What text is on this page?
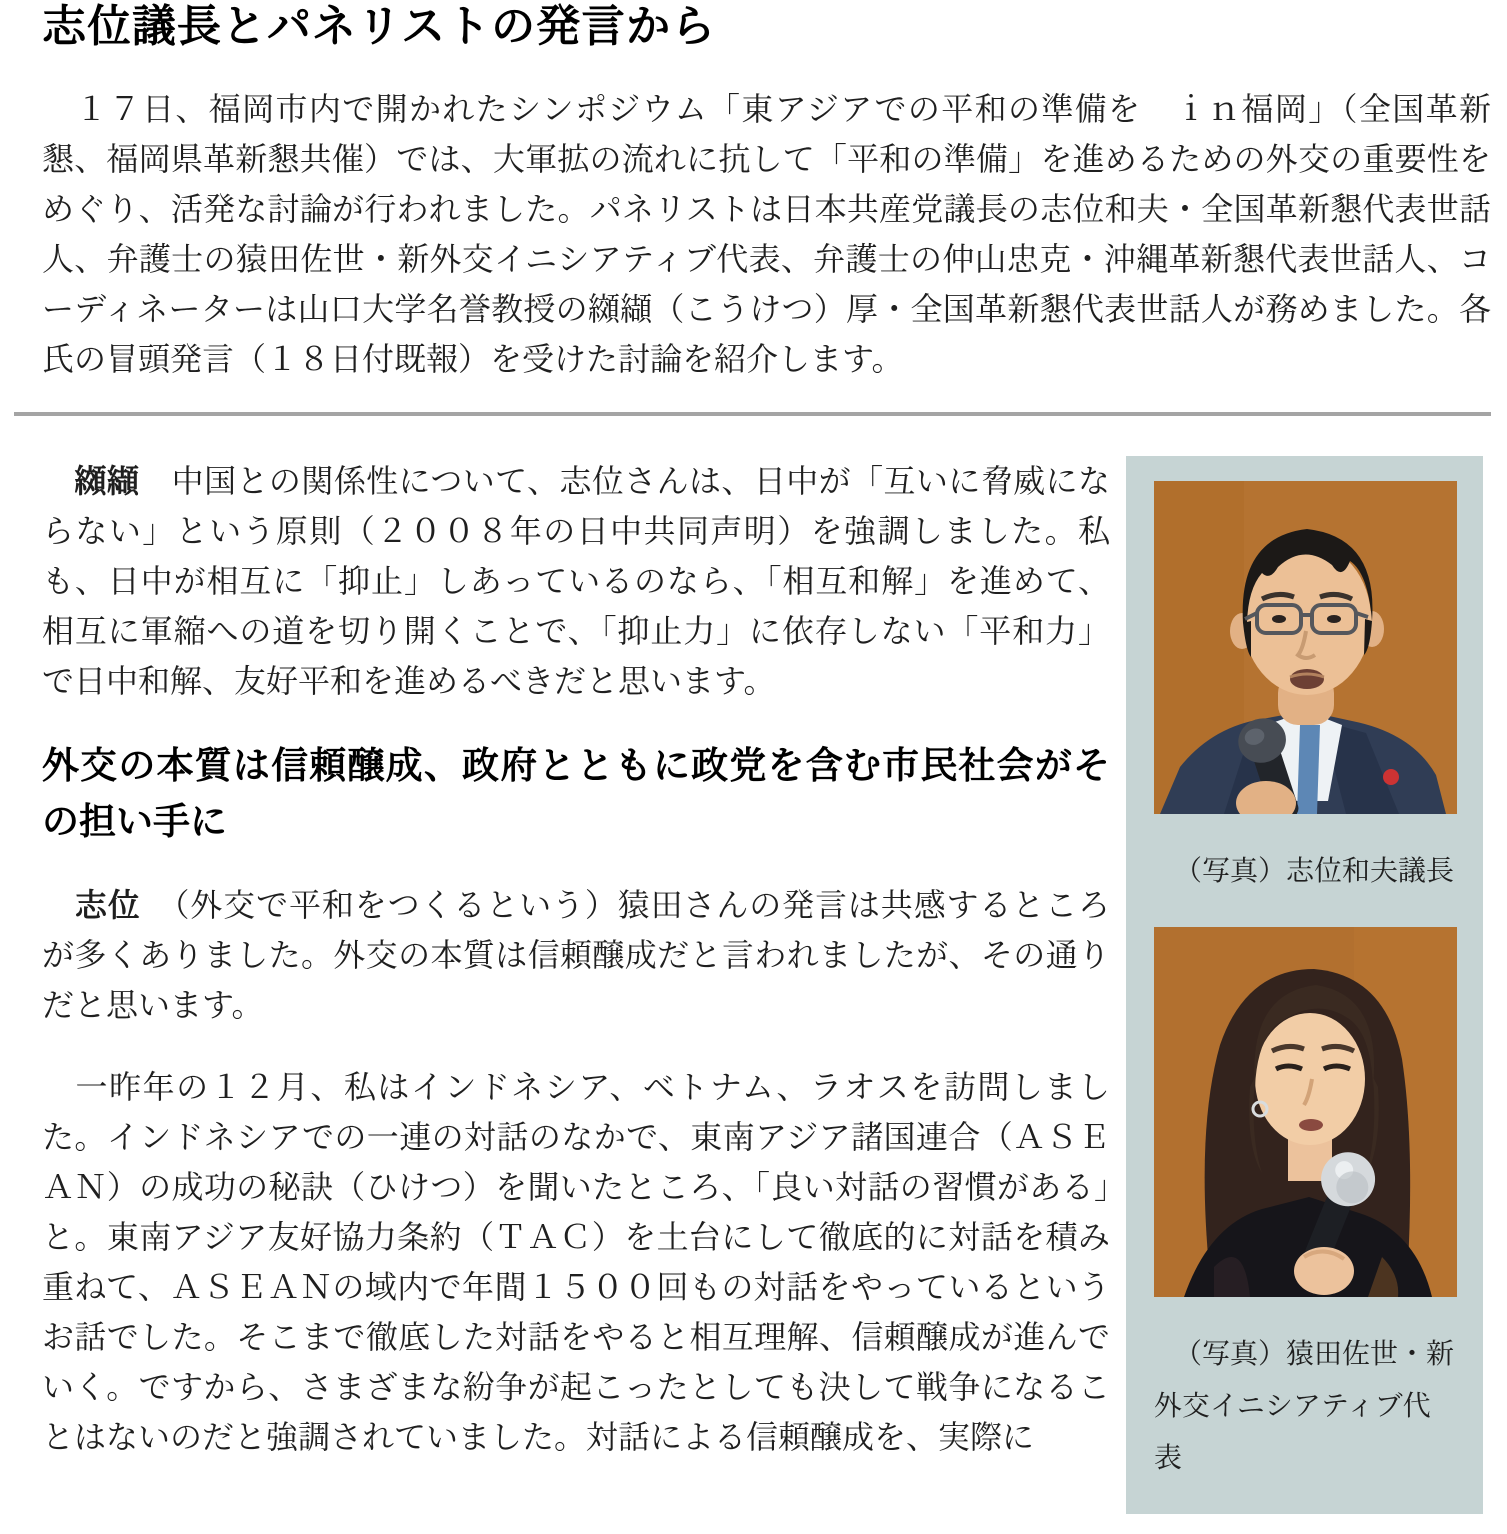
志位議長とパネリストの発言から

　１７日、福岡市内で開かれたシンポジウム「東アジアでの平和の準備を　ｉｎ福岡」（全国革新懇、福岡県革新懇共催）では、大軍拡の流れに抗して「平和の準備」を進めるための外交の重要性をめぐり、活発な討論が行われました。パネリストは日本共産党議長の志位和夫・全国革新懇代表世話人、弁護士の猿田佐世・新外交イニシアティブ代表、弁護士の仲山忠克・沖縄革新懇代表世話人、コーディネーターは山口大学名誉教授の纐纈（こうけつ）厚・全国革新懇代表世話人が務めました。各氏の冒頭発言（１８日付既報）を受けた討論を紹介します。

（写真）志位和夫議長
（写真）猿田佐世・新外交イニシアティブ代表

　纐纈　中国との関係性について、志位さんは、日中が「互いに脅威にならない」という原則（２００８年の日中共同声明）を強調しました。私も、日中が相互に「抑止」しあっているのなら、「相互和解」を進めて、相互に軍縮への道を切り開くことで、「抑止力」に依存しない「平和力」で日中和解、友好平和を進めるべきだと思います。

外交の本質は信頼醸成、政府とともに政党を含む市民社会がその担い手に

　志位　（外交で平和をつくるという）猿田さんの発言は共感するところが多くありました。外交の本質は信頼醸成だと言われましたが、その通りだと思います。

　一昨年の１２月、私はインドネシア、ベトナム、ラオスを訪問しました。インドネシアでの一連の対話のなかで、東南アジア諸国連合（ＡＳＥＡＮ）の成功の秘訣（ひけつ）を聞いたところ、「良い対話の習慣がある」と。東南アジア友好協力条約（ＴＡＣ）を土台にして徹底的に対話を積み重ねて、ＡＳＥＡＮの域内で年間１５００回もの対話をやっているというお話でした。そこまで徹底した対話をやると相互理解、信頼醸成が進んでいく。ですから、さまざまな紛争が起こったとしても決して戦争になることはないのだと強調されていました。対話による信頼醸成を、実際に
